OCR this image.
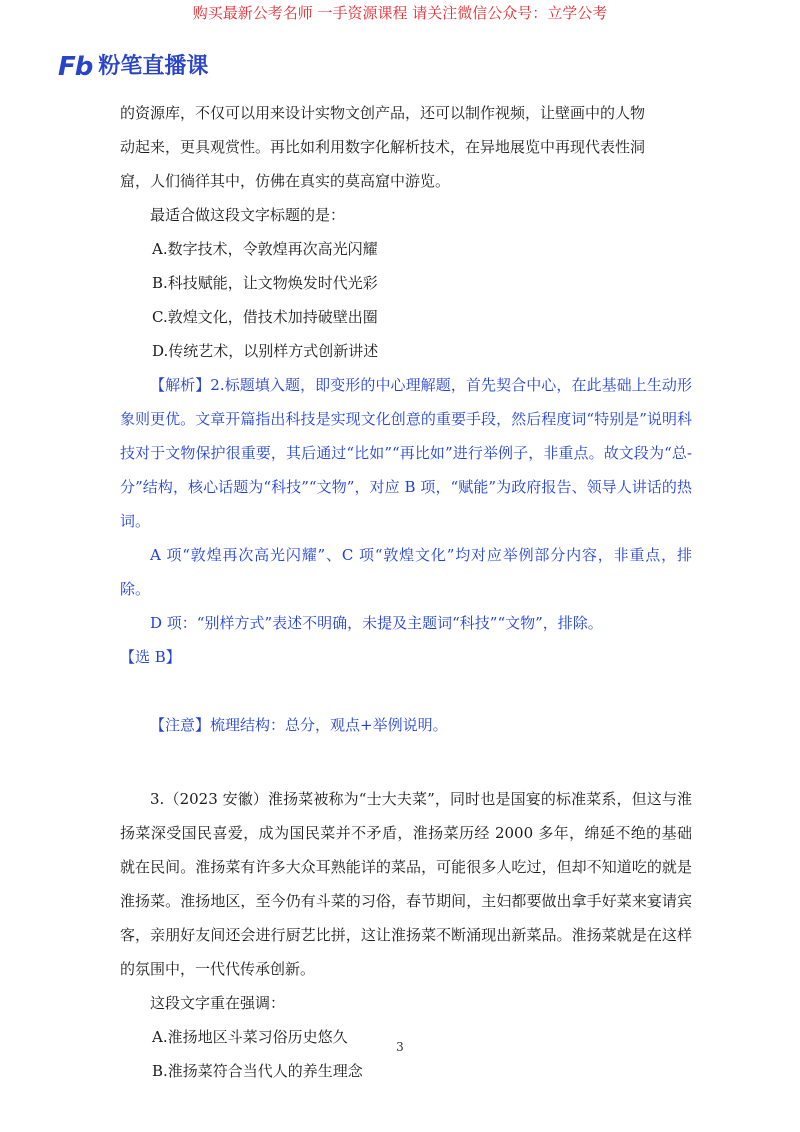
购买最新公考名师 一手资源课程 请关注微信公众号：立学公考
Fb 粉笔直播课
的资源库，不仅可以用来设计实物文创产品，还可以制作视频，让壁画中的人物
动起来，更具观赏性。再比如利用数字化解析技术，在异地展览中再现代表性洞
窟，人们徜徉其中，仿佛在真实的莫高窟中游览。
最适合做这段文字标题的是：
A.数字技术，令敦煌再次高光闪耀
B.科技赋能，让文物焕发时代光彩
C.敦煌文化，借技术加持破壁出圈
D.传统艺术，以别样方式创新讲述

【解析】2.标题填入题，即变形的中心理解题，首先契合中心，在此基础上生动形象则更优。文章开篇指出科技是实现文化创意的重要手段，然后程度词“特别是”说明科技对于文物保护很重要，其后通过“比如”“再比如”进行举例子，非重点。故文段为“总-分”结构，核心话题为“科技”“文物”，对应 B 项，“赋能”为政府报告、领导人讲话的热词。

A 项“敦煌再次高光闪耀”、C 项“敦煌文化”均对应举例部分内容，非重点，排除。

D 项：“别样方式”表述不明确，未提及主题词“科技”“文物”，排除。

【选 B】
【注意】梳理结构：总分，观点+举例说明。

3.（2023 安徽）淮扬菜被称为“士大夫菜”，同时也是国宴的标准菜系，但这与淮扬菜深受国民喜爱，成为国民菜并不矛盾，淮扬菜历经 2000 多年，绵延不绝的基础就在民间。淮扬菜有许多大众耳熟能详的菜品，可能很多人吃过，但却不知道吃的就是淮扬菜。淮扬地区，至今仍有斗菜的习俗，春节期间，主妇都要做出拿手好菜来宴请宾客，亲朋好友间还会进行厨艺比拼，这让淮扬菜不断涌现出新菜品。淮扬菜就是在这样的氛围中，一代代传承创新。

这段文字重在强调：
A.淮扬地区斗菜习俗历史悠久
B.淮扬菜符合当代人的养生理念
3
